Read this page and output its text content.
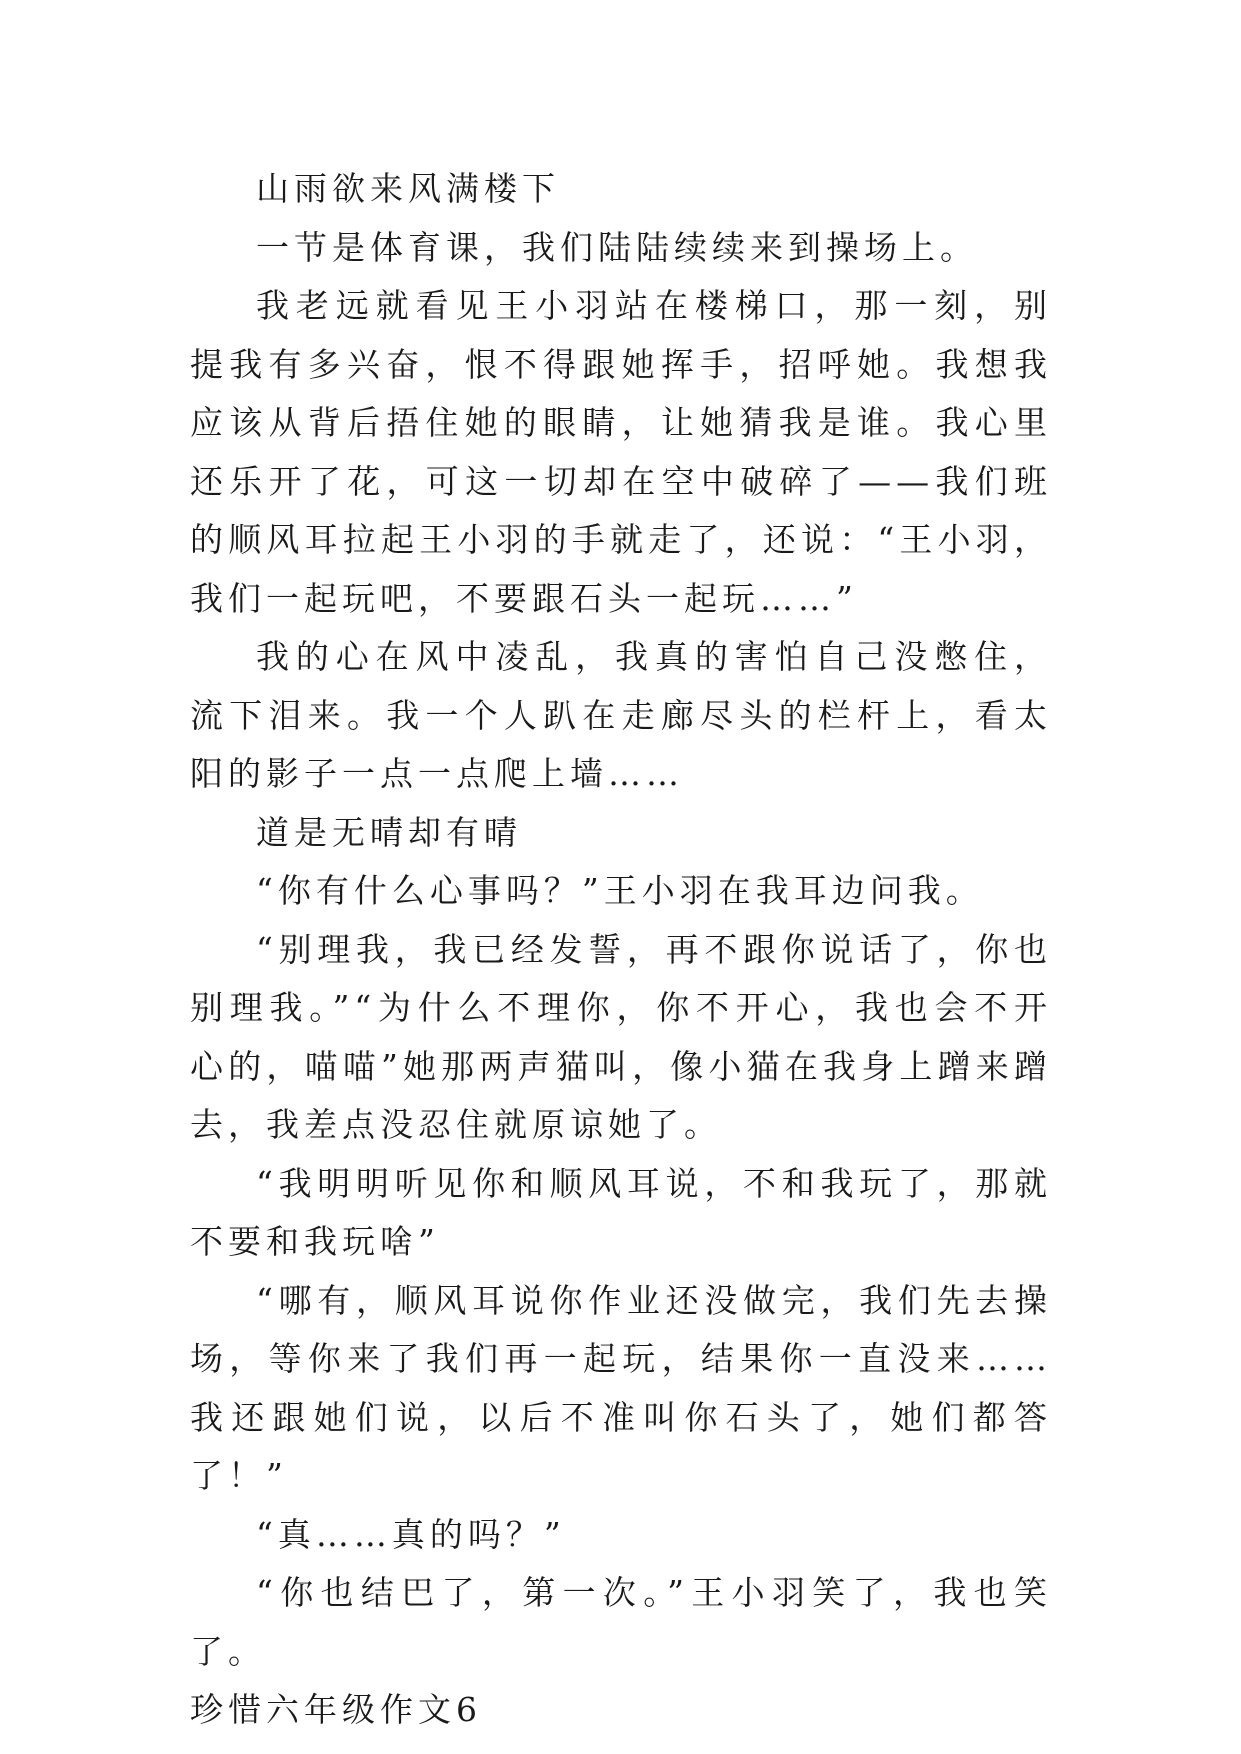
山雨欲来风满楼下

一节是体育课，我们陆陆续续来到操场上。

我老远就看见王小羽站在楼梯口，那一刻，别提我有多兴奋，恨不得跟她挥手，招呼她。我想我应该从背后捂住她的眼睛，让她猜我是谁。我心里还乐开了花，可这一切却在空中破碎了——我们班的顺风耳拉起王小羽的手就走了，还说：“王小羽，我们一起玩吧，不要跟石头一起玩……”

我的心在风中凌乱，我真的害怕自己没憋住，流下泪来。我一个人趴在走廊尽头的栏杆上，看太阳的影子一点一点爬上墙……

道是无晴却有晴

“你有什么心事吗？”王小羽在我耳边问我。

“别理我，我已经发誓，再不跟你说话了，你也别理我。”“为什么不理你，你不开心，我也会不开心的，喵喵”她那两声猫叫，像小猫在我身上蹭来蹭去，我差点没忍住就原谅她了。

“我明明听见你和顺风耳说，不和我玩了，那就不要和我玩啥”

“哪有，顺风耳说你作业还没做完，我们先去操场，等你来了我们再一起玩，结果你一直没来……我还跟她们说，以后不准叫你石头了，她们都答了！”

“真……真的吗？”

“你也结巴了，第一次。”王小羽笑了，我也笑了。

珍惜六年级作文6
